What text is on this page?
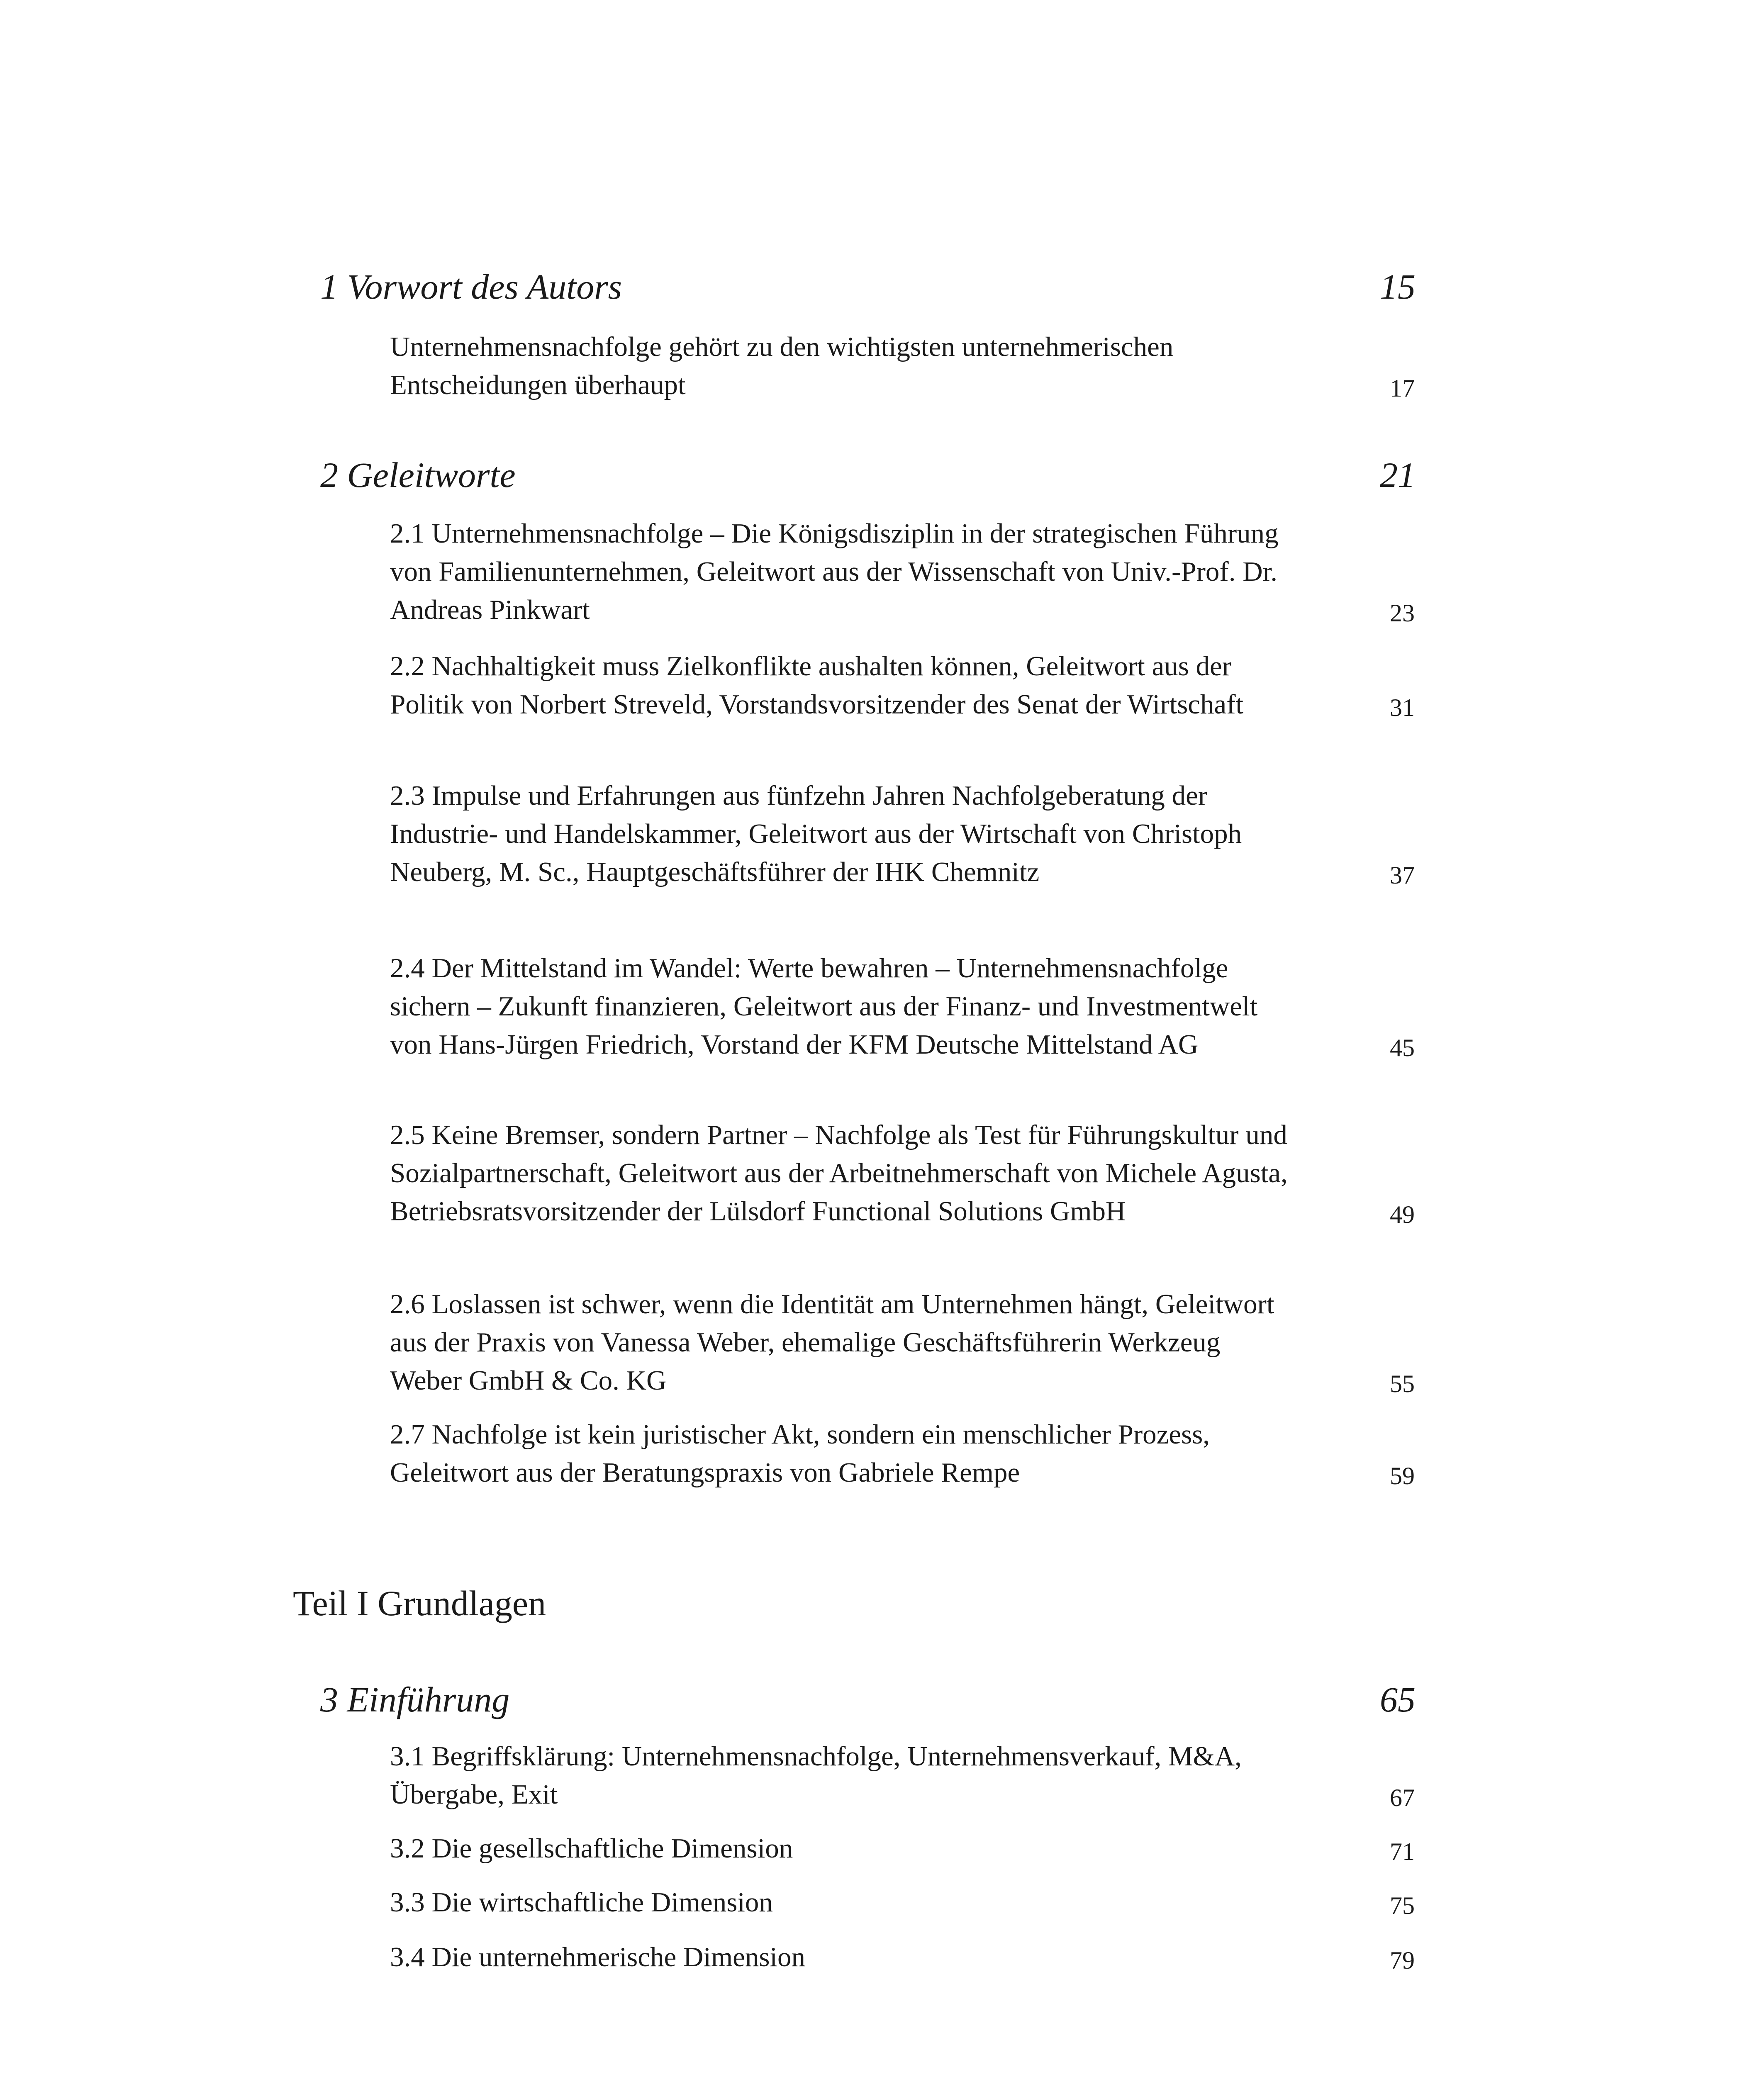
1 Vorwort des Autors	15
Unternehmensnachfolge gehört zu den wichtigsten unternehmerischen Entscheidungen überhaupt	17
2 Geleitworte	21
2.1 Unternehmensnachfolge – Die Königsdisziplin in der strategischen Führung von Familienunternehmen, Geleitwort aus der Wissenschaft von Univ.-Prof. Dr. Andreas Pinkwart	23
2.2 Nachhaltigkeit muss Zielkonflikte aushalten können, Geleitwort aus der Politik von Norbert Streveld, Vorstandsvorsitzender des Senat der Wirtschaft	31
2.3 Impulse und Erfahrungen aus fünfzehn Jahren Nachfolgeberatung der Industrie- und Handelskammer, Geleitwort aus der Wirtschaft von Christoph Neuberg, M. Sc., Hauptgeschäftsführer der IHK Chemnitz	37
2.4 Der Mittelstand im Wandel: Werte bewahren – Unternehmensnachfolge sichern – Zukunft finanzieren, Geleitwort aus der Finanz- und Investmentwelt von Hans-Jürgen Friedrich, Vorstand der KFM Deutsche Mittelstand AG	45
2.5 Keine Bremser, sondern Partner – Nachfolge als Test für Führungskultur und Sozialpartnerschaft, Geleitwort aus der Arbeitnehmerschaft von Michele Agusta, Betriebsratsvorsitzender der Lülsdorf Functional Solutions GmbH	49
2.6 Loslassen ist schwer, wenn die Identität am Unternehmen hängt, Geleitwort aus der Praxis von Vanessa Weber, ehemalige Geschäftsführerin Werkzeug Weber GmbH & Co. KG	55
2.7 Nachfolge ist kein juristischer Akt, sondern ein menschlicher Prozess, Geleitwort aus der Beratungspraxis von Gabriele Rempe	59
Teil I Grundlagen
3 Einführung	65
3.1 Begriffsklärung: Unternehmensnachfolge, Unternehmensverkauf, M&A, Übergabe, Exit	67
3.2 Die gesellschaftliche Dimension	71
3.3 Die wirtschaftliche Dimension	75
3.4 Die unternehmerische Dimension	79
